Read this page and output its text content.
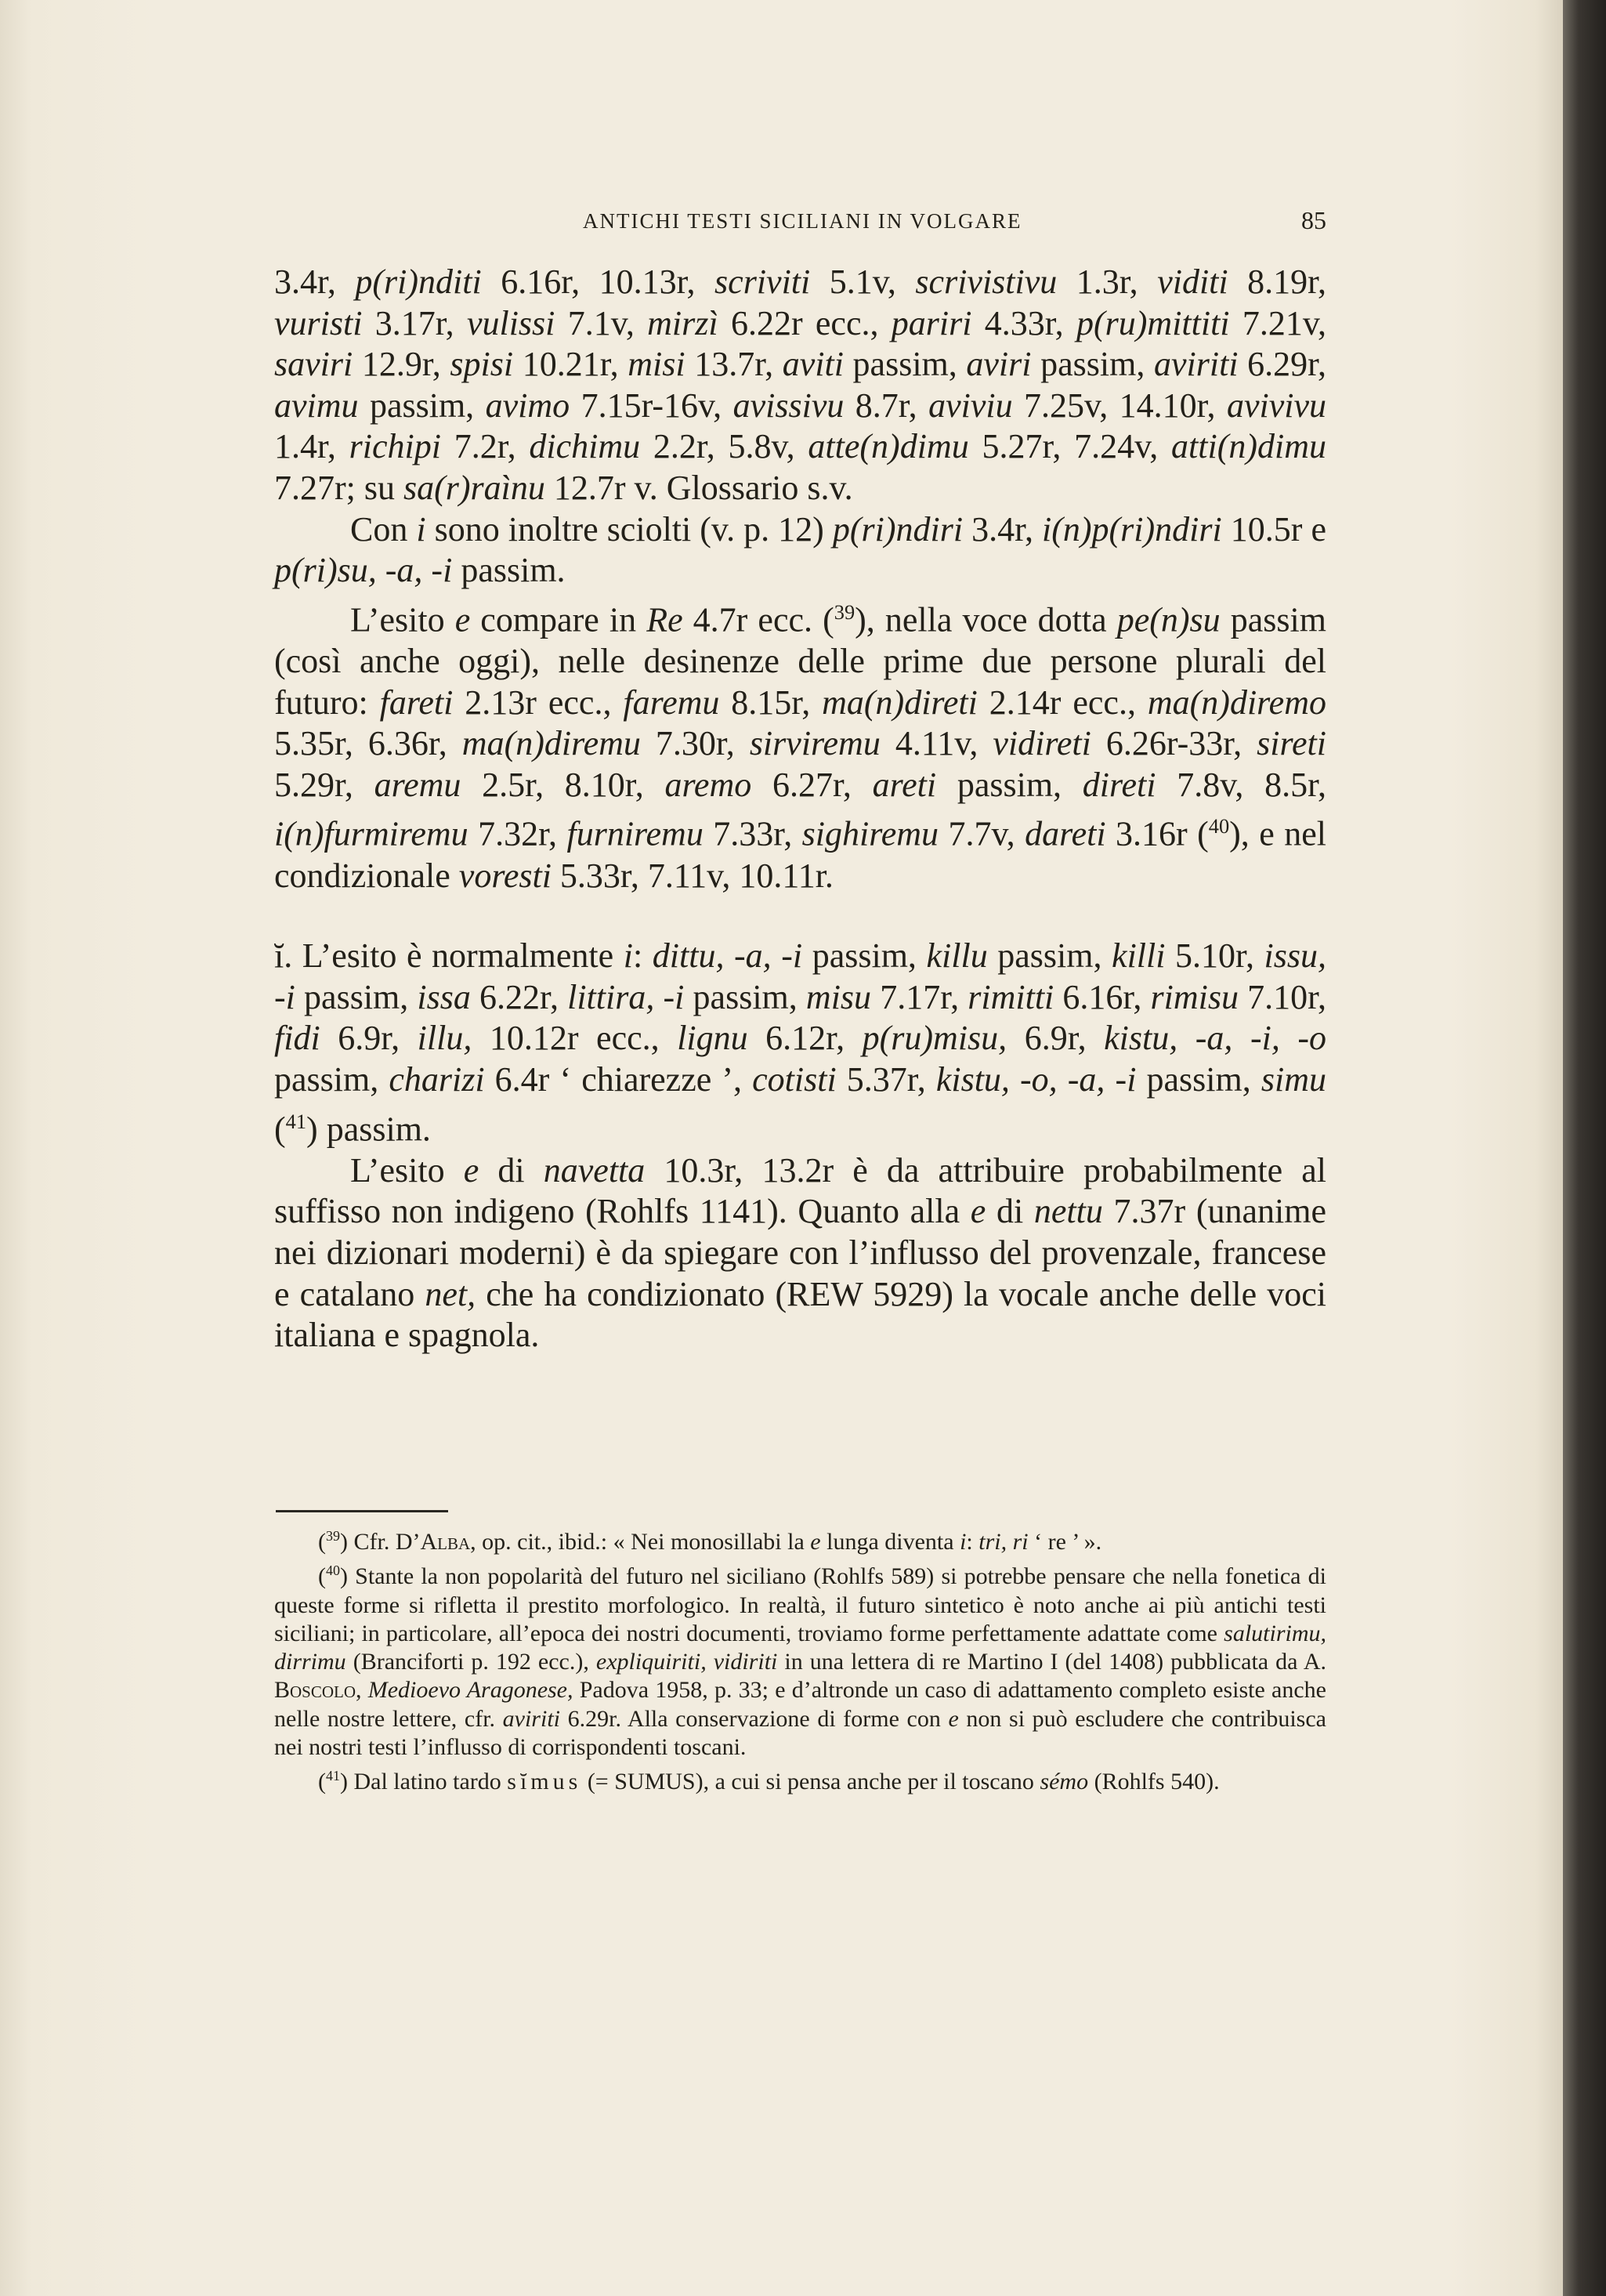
ANTICHI TESTI SICILIANI IN VOLGARE	85

3.4r, p(ri)nditi 6.16r, 10.13r, scriviti 5.1v, scrivistivu 1.3r, viditi 8.19r, vuristi 3.17r, vulissi 7.1v, mirzì 6.22r ecc., pariri 4.33r, p(ru)mittiti 7.21v, saviri 12.9r, spisi 10.21r, misi 13.7r, aviti passim, aviri passim, aviriti 6.29r, avimu passim, avimo 7.15r-16v, avissivu 8.7r, aviviu 7.25v, 14.10r, avivivu 1.4r, richipi 7.2r, dichimu 2.2r, 5.8v, atte(n)dimu 5.27r, 7.24v, atti(n)dimu 7.27r; su sa(r)raìnu 12.7r v. Glossario s.v.

Con i sono inoltre sciolti (v. p. 12) p(ri)ndiri 3.4r, i(n)p(ri)ndiri 10.5r e p(ri)su, -a, -i passim.

L’esito e compare in Re 4.7r ecc. ($^{39}$), nella voce dotta pe(n)su passim (così anche oggi), nelle desinenze delle prime due persone plurali del futuro: fareti 2.13r ecc., faremu 8.15r, ma(n)direti 2.14r ecc., ma(n)diremo 5.35r, 6.36r, ma(n)diremu 7.30r, sirviremu 4.11v, vidireti 6.26r-33r, sireti 5.29r, aremu 2.5r, 8.10r, aremo 6.27r, areti passim, direti 7.8v, 8.5r, i(n)furmiremu 7.32r, furniremu 7.33r, sighiremu 7.7v, dareti 3.16r ($^{40}$), e nel condizionale voresti 5.33r, 7.11v, 10.11r.

ĭ. L’esito è normalmente i: dittu, -a, -i passim, killu passim, killi 5.10r, issu, -i passim, issa 6.22r, littira, -i passim, misu 7.17r, rimitti 6.16r, rimisu 7.10r, fidi 6.9r, illu, 10.12r ecc., lignu 6.12r, p(ru)misu, 6.9r, kistu, -a, -i, -o passim, charizi 6.4r ‘ chiarezze ’, cotisti 5.37r, kistu, -o, -a, -i passim, simu ($^{41}$) passim.

L’esito e di navetta 10.3r, 13.2r è da attribuire probabilmente al suffisso non indigeno (Rohlfs 1141). Quanto alla e di nettu 7.37r (unanime nei dizionari moderni) è da spiegare con l’influsso del provenzale, francese e catalano net, che ha condizionato (REW 5929) la vocale anche delle voci italiana e spagnola.

($^{39}$) Cfr. D’Alba, op. cit., ibid.: « Nei monosillabi la e lunga diventa i: tri, ri ‘ re ’ ».

($^{40}$) Stante la non popolarità del futuro nel siciliano (Rohlfs 589) si potrebbe pensare che nella fonetica di queste forme si rifletta il prestito morfologico. In realtà, il futuro sintetico è noto anche ai più antichi testi siciliani; in particolare, all’epoca dei nostri documenti, troviamo forme perfettamente adattate come salutirimu, dirrimu (Branciforti p. 192 ecc.), expliquiriti, vidiriti in una lettera di re Martino I (del 1408) pubblicata da A. Boscolo, Medioevo Aragonese, Padova 1958, p. 33; e d’altronde un caso di adattamento completo esiste anche nelle nostre lettere, cfr. aviriti 6.29r. Alla conservazione di forme con e non si può escludere che contribuisca nei nostri testi l’influsso di corrispondenti toscani.

($^{41}$) Dal latino tardo sĭmus (= SUMUS), a cui si pensa anche per il toscano sémo (Rohlfs 540).
